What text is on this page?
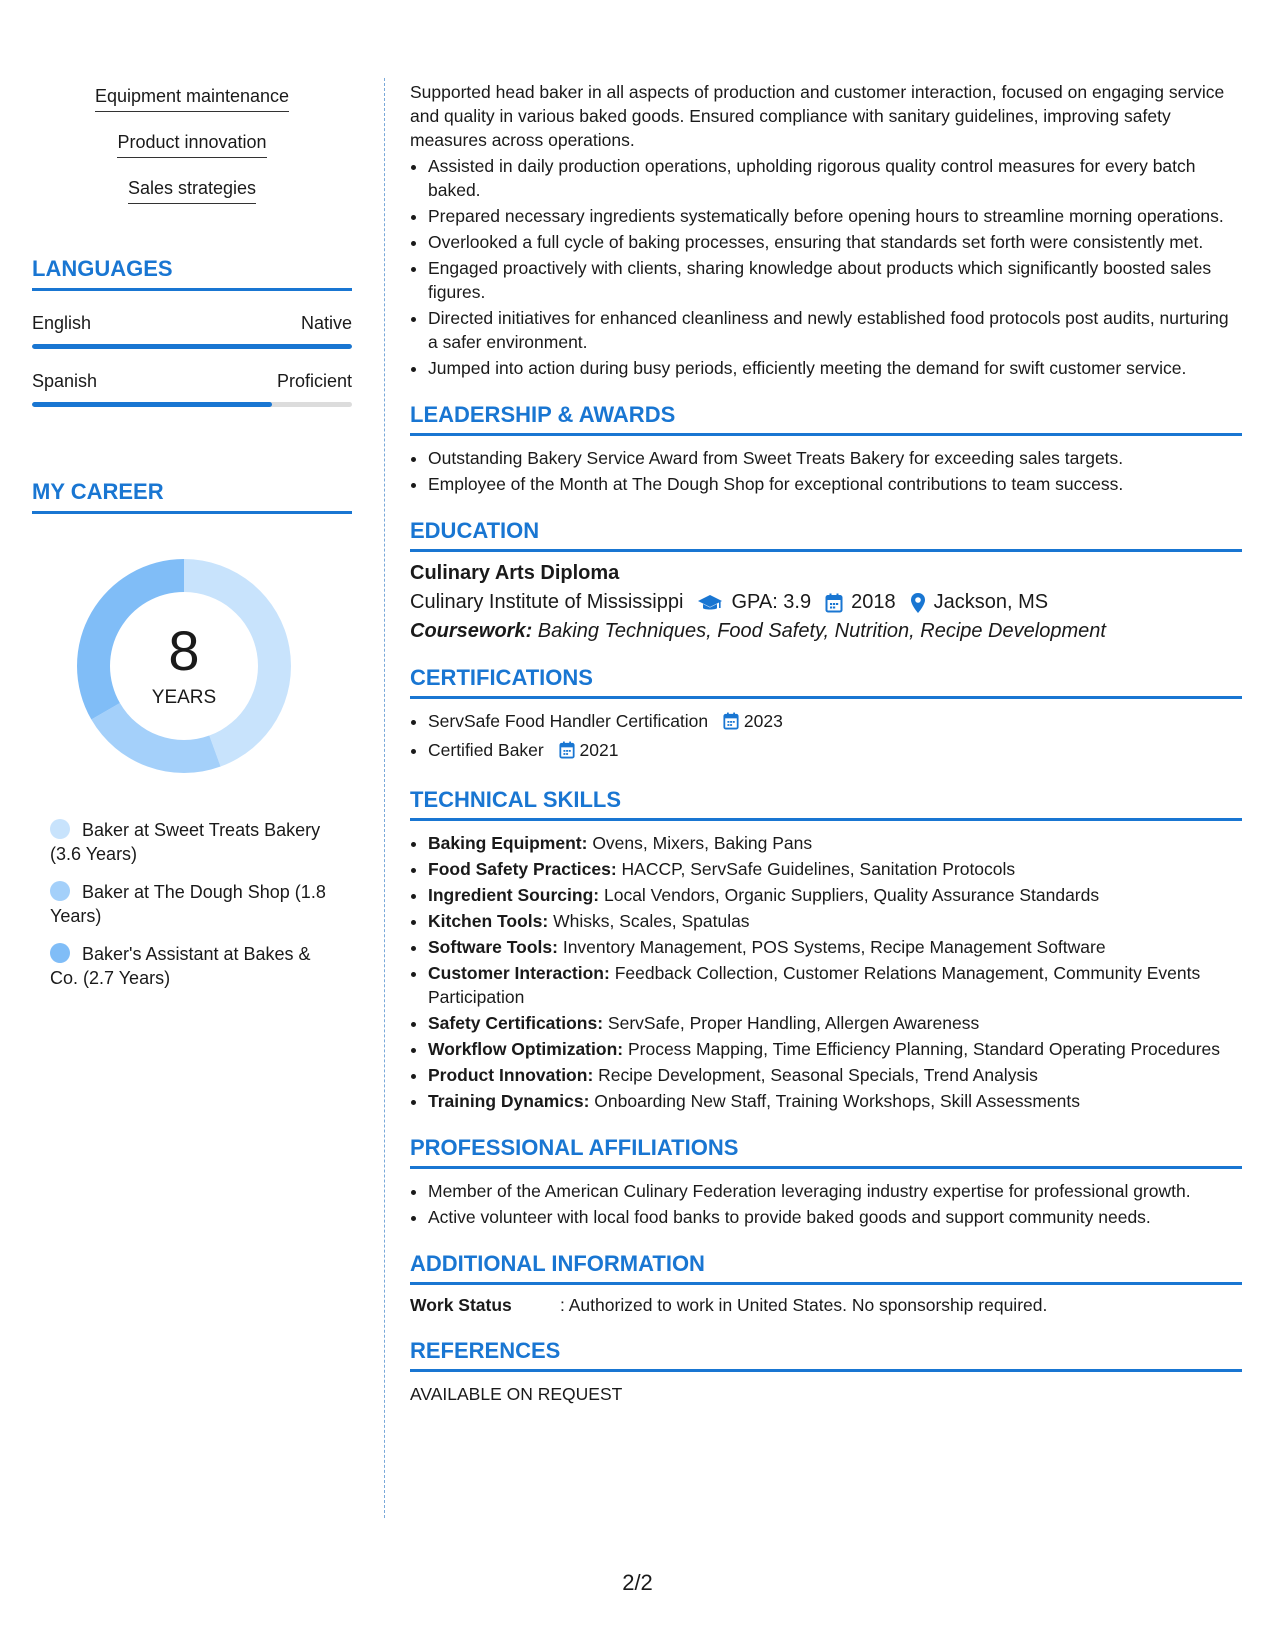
Equipment maintenance
Product innovation
Sales strategies
LANGUAGES
English	Native
Spanish	Proficient
MY CAREER
8
YEARS
Baker at Sweet Treats Bakery (3.6 Years)
Baker at The Dough Shop (1.8 Years)
Baker's Assistant at Bakes & Co. (2.7 Years)

Supported head baker in all aspects of production and customer interaction, focused on engaging service and quality in various baked goods. Ensured compliance with sanitary guidelines, improving safety measures across operations.

• Assisted in daily production operations, upholding rigorous quality control measures for every batch baked.
• Prepared necessary ingredients systematically before opening hours to streamline morning operations.
• Overlooked a full cycle of baking processes, ensuring that standards set forth were consistently met.
• Engaged proactively with clients, sharing knowledge about products which significantly boosted sales figures.
• Directed initiatives for enhanced cleanliness and newly established food protocols post audits, nurturing a safer environment.
• Jumped into action during busy periods, efficiently meeting the demand for swift customer service.
LEADERSHIP & AWARDS
• Outstanding Bakery Service Award from Sweet Treats Bakery for exceeding sales targets.
• Employee of the Month at The Dough Shop for exceptional contributions to team success.
EDUCATION
Culinary Arts Diploma
Culinary Institute of Mississippi GPA: 3.9 2018 Jackson, MS
Coursework: Baking Techniques, Food Safety, Nutrition, Recipe Development
CERTIFICATIONS
• ServSafe Food Handler Certification 2023
• Certified Baker 2021
TECHNICAL SKILLS
• Baking Equipment: Ovens, Mixers, Baking Pans
• Food Safety Practices: HACCP, ServSafe Guidelines, Sanitation Protocols
• Ingredient Sourcing: Local Vendors, Organic Suppliers, Quality Assurance Standards
• Kitchen Tools: Whisks, Scales, Spatulas
• Software Tools: Inventory Management, POS Systems, Recipe Management Software
• Customer Interaction: Feedback Collection, Customer Relations Management, Community Events Participation
• Safety Certifications: ServSafe, Proper Handling, Allergen Awareness
• Workflow Optimization: Process Mapping, Time Efficiency Planning, Standard Operating Procedures
• Product Innovation: Recipe Development, Seasonal Specials, Trend Analysis
• Training Dynamics: Onboarding New Staff, Training Workshops, Skill Assessments
PROFESSIONAL AFFILIATIONS
• Member of the American Culinary Federation leveraging industry expertise for professional growth.
• Active volunteer with local food banks to provide baked goods and support community needs.
ADDITIONAL INFORMATION
Work Status	: Authorized to work in United States. No sponsorship required.
REFERENCES
AVAILABLE ON REQUEST
2/2
